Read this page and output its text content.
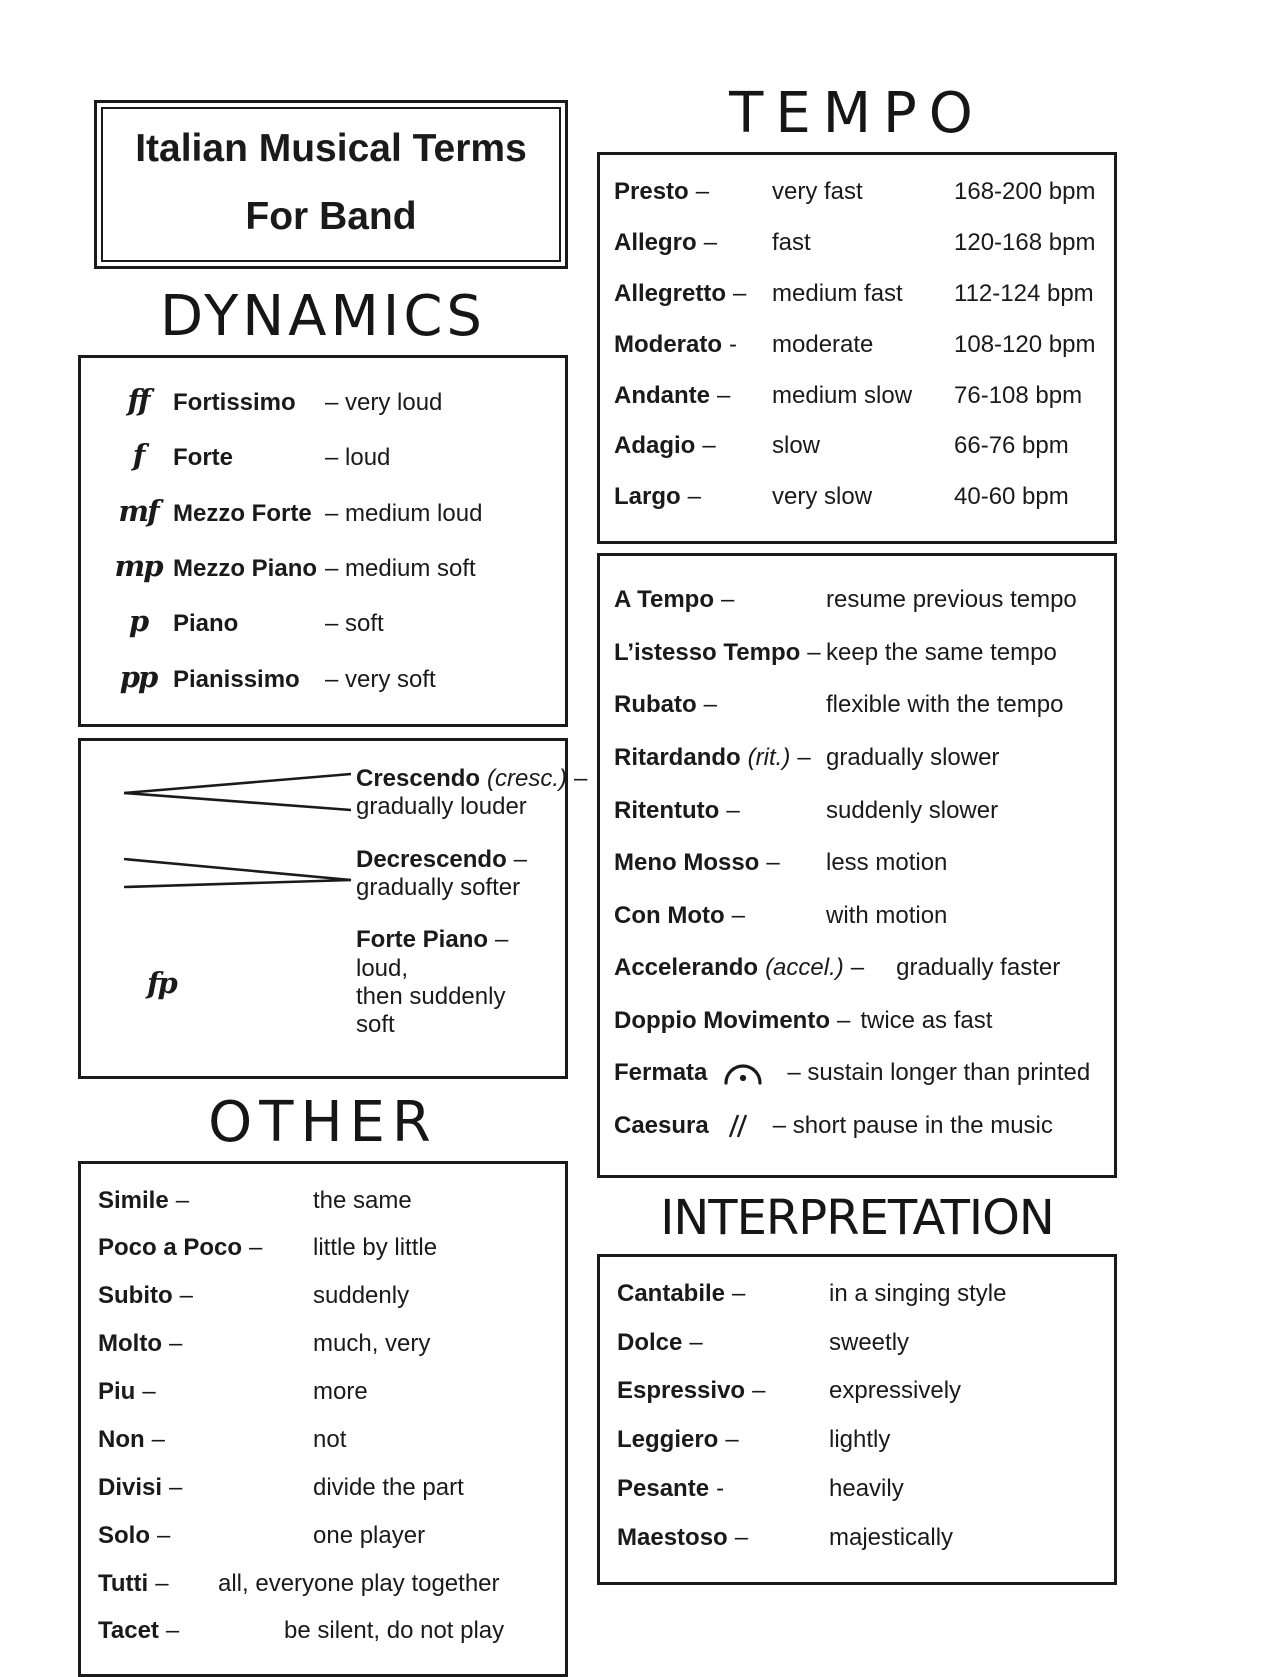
Italian Musical Terms
For Band
DYNAMICS
ff	Fortissimo	– very loud
f	Forte	– loud
mf Mezzo Forte – medium loud
mp Mezzo Piano – medium soft
p	Piano	– soft
pp Pianissimo	– very soft
Crescendo (cresc.) –
gradually louder
Decrescendo –
gradually softer
fp
Forte Piano – loud,
then suddenly soft
OTHER
Simile –	the same
Poco a Poco –	little by little
Subito –	suddenly
Molto –	much, very
Piu –	more
Non –	not
Divisi –	divide the part
Solo –	one player
Tutti –	all, everyone play together
Tacet –	be silent, do not play
TEMPO
Presto –	very fast	168-200 bpm
Allegro –	fast	120-168 bpm
Allegretto –	medium fast	112-124 bpm
Moderato -	moderate	108-120 bpm
Andante –	medium slow	76-108 bpm
Adagio –	slow	66-76 bpm
Largo –	very slow	40-60 bpm
A Tempo –	resume previous tempo
L’istesso Tempo – keep the same tempo
Rubato –	flexible with the tempo
Ritardando (rit.) – gradually slower
Ritentuto –	suddenly slower
Meno Mosso –	less motion
Con Moto –	with motion
Accelerando (accel.) – gradually faster
Doppio Movimento – twice as fast
Fermata	– sustain longer than printed
Caesura	– short pause in the music
INTERPRETATION
Cantabile –	in a singing style
Dolce –	sweetly
Espressivo –	expressively
Leggiero –	lightly
Pesante -	heavily
Maestoso –	majestically
